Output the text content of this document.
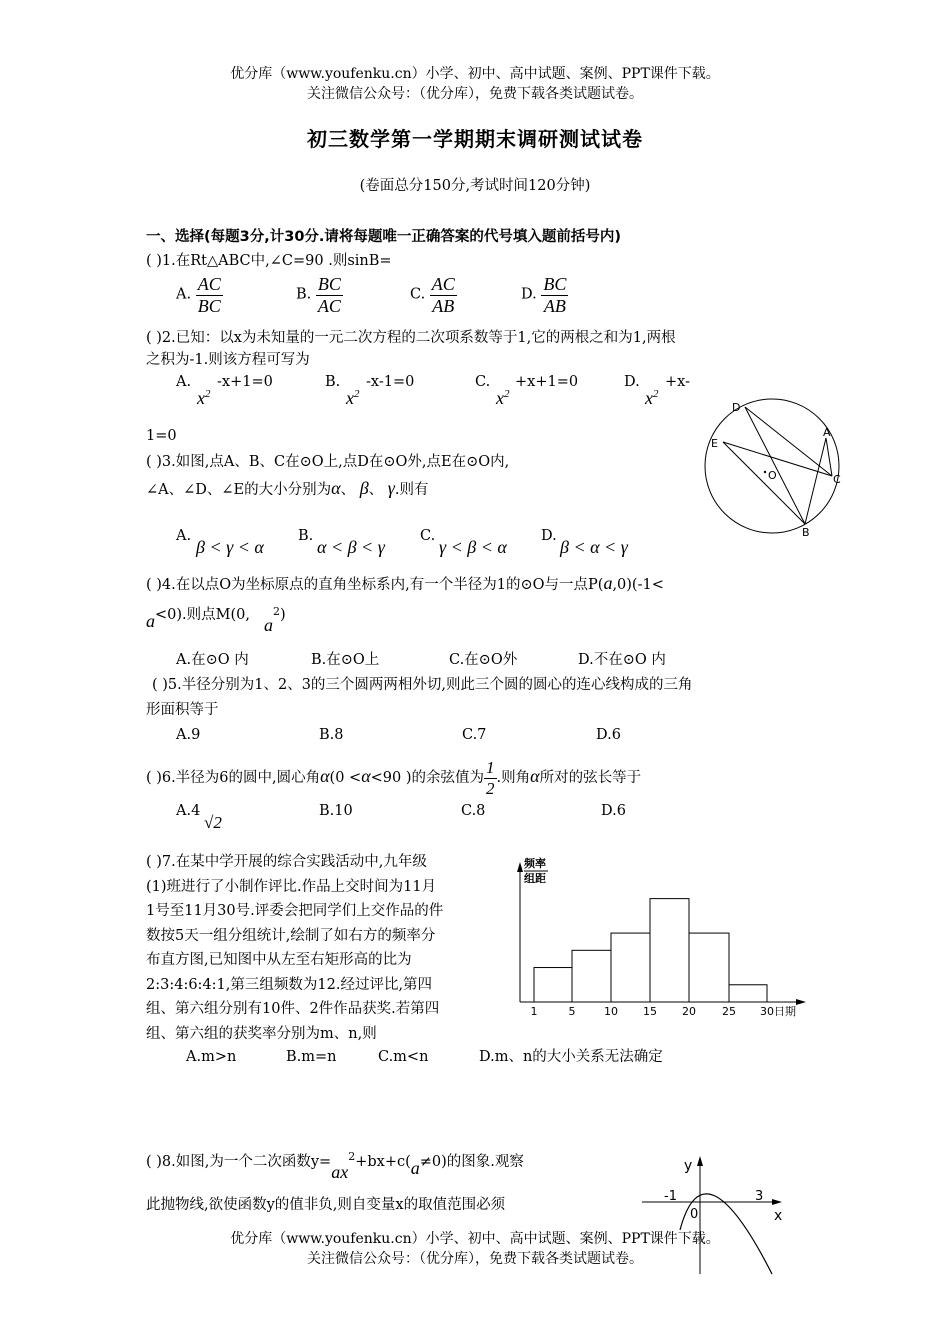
优分库（www.youfenku.cn）小学、初中、高中试题、案例、PPT课件下载。
关注微信公众号：（优分库），免费下载各类试题试卷。
初三数学第一学期期末调研测试试卷
(卷面总分150分,考试时间120分钟)
一、选择(每题3分,计30分.请将每题唯一正确答案的代号填入题前括号内)
( )1.在Rt△ABC中,∠C=90 .则sinB=
A. $\frac{AC}{BC}$	B. $\frac{BC}{AC}$	C. $\frac{AC}{AB}$	D. $\frac{BC}{AB}$
( )2.已知：以x为未知量的一元二次方程的二次项系数等于1,它的两根之和为1,两根
之积为-1.则该方程可写为
A.
$x^2$
-x+1=0	B.
$x^2$
-x-1=0	C.
$x^2$
+x+1=0	D.
$x^2$
+x-
1=0
D
E
A
O	C
B
( )3.如图,点A、B、C在⊙O上,点D在⊙O外,点E在⊙O内,
∠A、∠D、∠E的大小分别为α、 β、 γ.则有
A.
β < γ < α
B.
α < β < γ
C.
γ < β < α
D.
β < α < γ
( )4.在以点O为坐标原点的直角坐标系内,有一个半径为1的⊙O与一点P(a,0)(-1<
a<0).则点M(0, $a^2$)
A.在⊙O 内	B.在⊙O上	C.在⊙O外	D.不在⊙O 内
( )5.半径分别为1、2、3的三个圆两两相外切,则此三个圆的圆心的连心线构成的三角
形面积等于
A.9	B.8	C.7	D.6
( )6.半径为6的圆中,圆心角α(0 <α<90 )的余弦值为 $\frac{1}{2}$ .则角α所对的弦长等于
A.4
√2
B.10	C.8	D.6
( )7.在某中学开展的综合实践活动中,九年级
(1)班进行了小制作评比.作品上交时间为11月
1号至11月30号.评委会把同学们上交作品的件
数按5天一组分组统计,绘制了如右方的频率分
布直方图,已知图中从左至右矩形高的比为
2:3:4:6:4:1,第三组频数为12.经过评比,第四
组、第六组分别有10件、2件作品获奖.若第四
组、第六组的获奖率分别为m、n,则
A.m>n	B.m=n	C.m<n	D.m、n的大小关系无法确定
频率
组距
日期
1	5	10 15 20 25 30
( )8.如图,为一个二次函数$y=ax^2+bx+c(a\ne 0)$的图象.观察
此抛物线,欲使函数y的值非负,则自变量x的取值范围必须
y
x
0
-1	3
优分库（www.youfenku.cn）小学、初中、高中试题、案例、PPT课件下载。
关注微信公众号：（优分库），免费下载各类试题试卷。
